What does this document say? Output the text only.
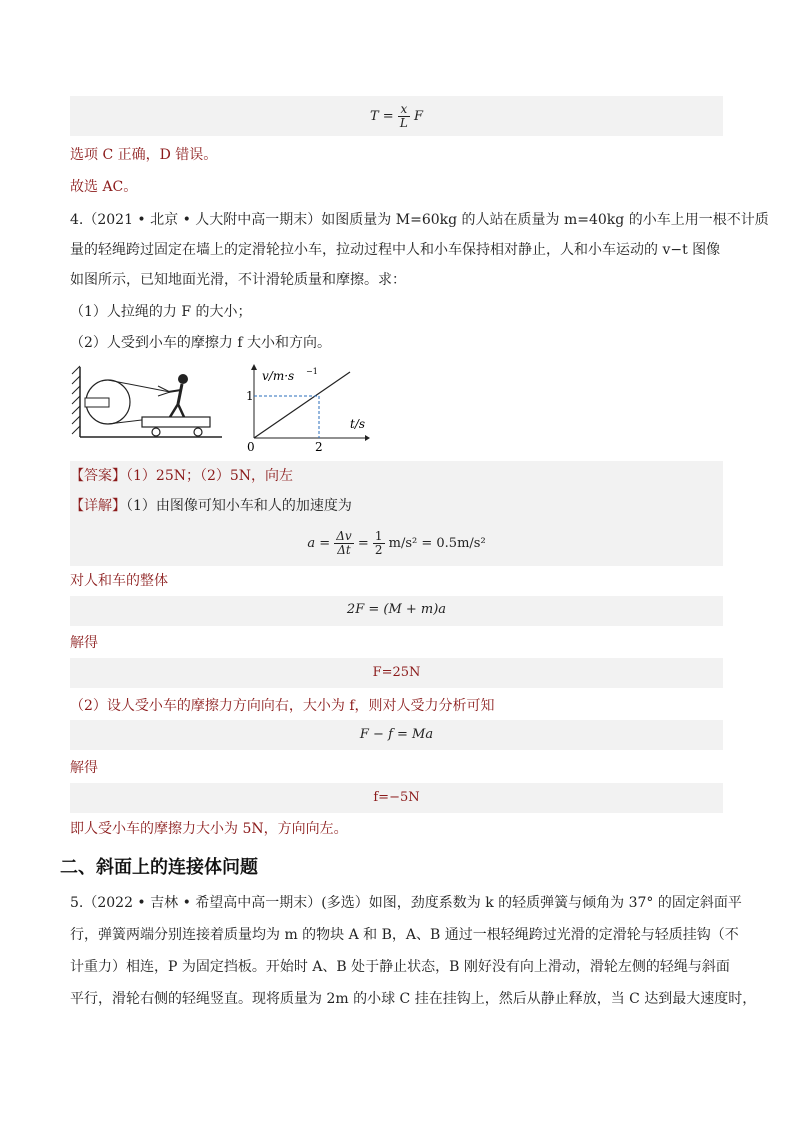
$T = \frac{x}{L}$ F
选项 C 正确，D 错误。
故选 AC。
4.（2021 • 北京 • 人大附中高一期末）如图质量为 M=60kg 的人站在质量为 m=40kg 的小车上用一根不计质
量的轻绳跨过固定在墙上的定滑轮拉小车，拉动过程中人和小车保持相对静止，人和小车运动的 v−t 图像
如图所示，已知地面光滑，不计滑轮质量和摩擦。求：
（1）人拉绳的力 F 的大小；
（2）人受到小车的摩擦力 f 大小和方向。
v/m·s −1
t/s
1
2
0
【答案】（1）25N；（2）5N，向左
【详解】（1）由图像可知小车和人的加速度为
$a = \frac{\Delta v}{\Delta t} = \frac{1}{2} m/s^2 = 0.5m/s^2$
对人和车的整体
2F = (M + m)a
解得
F=25N
（2）设人受小车的摩擦力方向向右，大小为 f，则对人受力分析可知
F − f = Ma
解得
f=−5N
即人受小车的摩擦力大小为 5N，方向向左。
二、斜面上的连接体问题
5.（2022 • 吉林 • 希望高中高一期末）(多选）如图，劲度系数为 k 的轻质弹簧与倾角为 37° 的固定斜面平
行，弹簧两端分别连接着质量均为 m 的物块 A 和 B，A、B 通过一根轻绳跨过光滑的定滑轮与轻质挂钩（不
计重力）相连，P 为固定挡板。开始时 A、B 处于静止状态，B 刚好没有向上滑动，滑轮左侧的轻绳与斜面
平行，滑轮右侧的轻绳竖直。现将质量为 2m 的小球 C 挂在挂钩上，然后从静止释放，当 C 达到最大速度时，
